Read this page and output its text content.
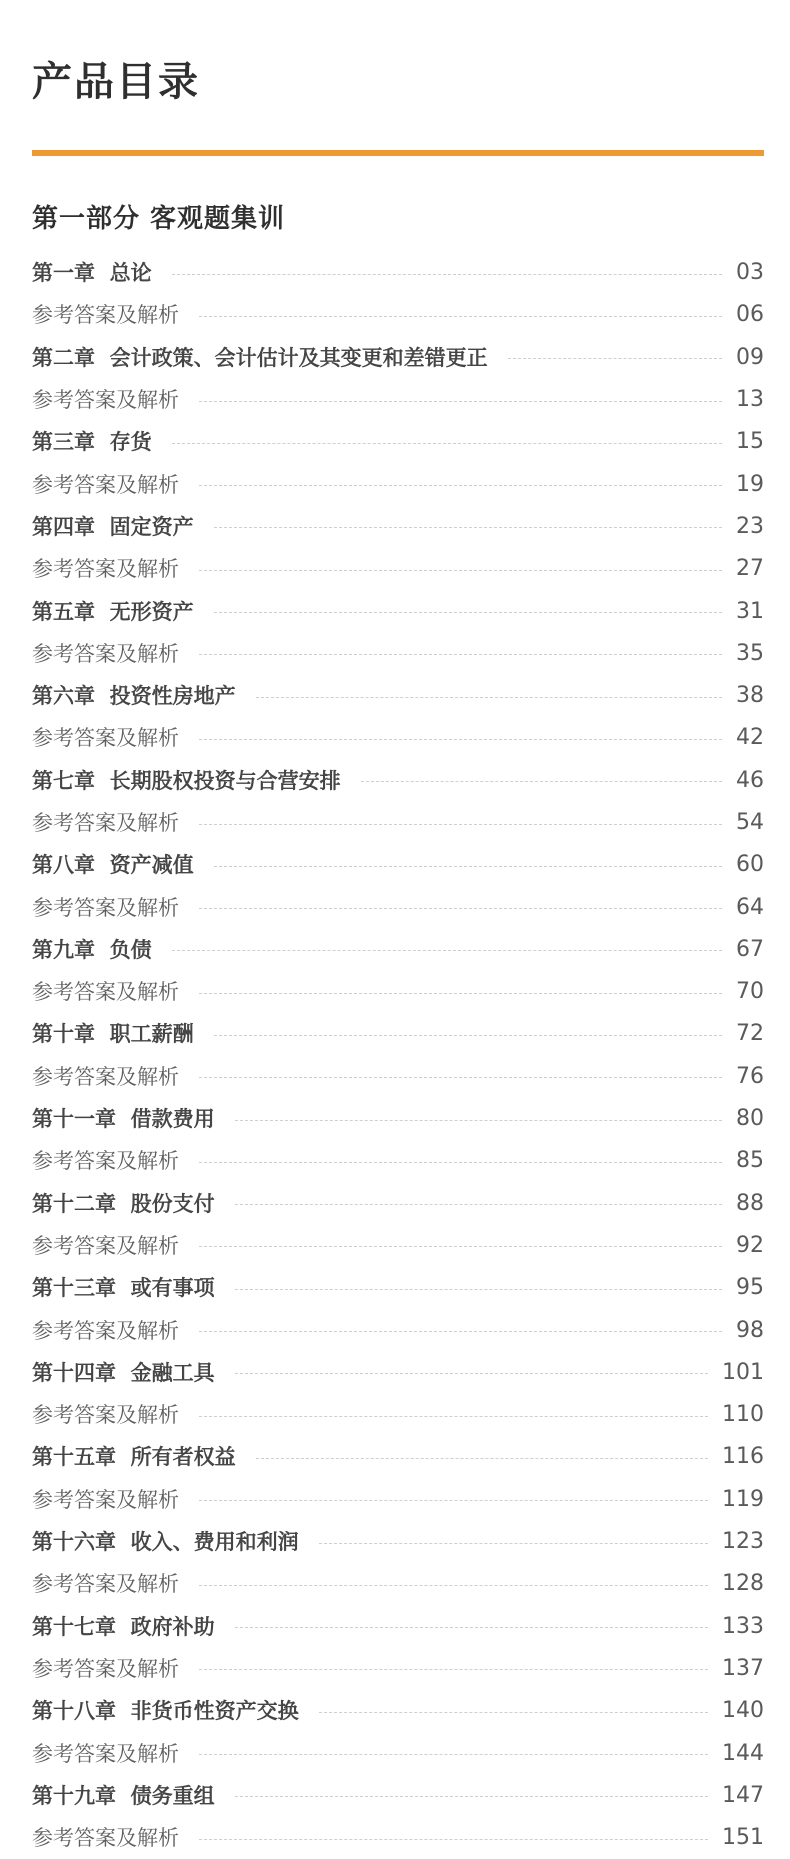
产品目录
第一部分 客观题集训
第一章  总论	03
参考答案及解析	06
第二章  会计政策、会计估计及其变更和差错更正	09
参考答案及解析	13
第三章  存货	15
参考答案及解析	19
第四章  固定资产	23
参考答案及解析	27
第五章  无形资产	31
参考答案及解析	35
第六章  投资性房地产	38
参考答案及解析	42
第七章  长期股权投资与合营安排	46
参考答案及解析	54
第八章  资产减值	60
参考答案及解析	64
第九章  负债	67
参考答案及解析	70
第十章  职工薪酬	72
参考答案及解析	76
第十一章  借款费用	80
参考答案及解析	85
第十二章  股份支付	88
参考答案及解析	92
第十三章  或有事项	95
参考答案及解析	98
第十四章  金融工具	101
参考答案及解析	110
第十五章  所有者权益	116
参考答案及解析	119
第十六章  收入、费用和利润	123
参考答案及解析	128
第十七章  政府补助	133
参考答案及解析	137
第十八章  非货币性资产交换	140
参考答案及解析	144
第十九章  债务重组	147
参考答案及解析	151
